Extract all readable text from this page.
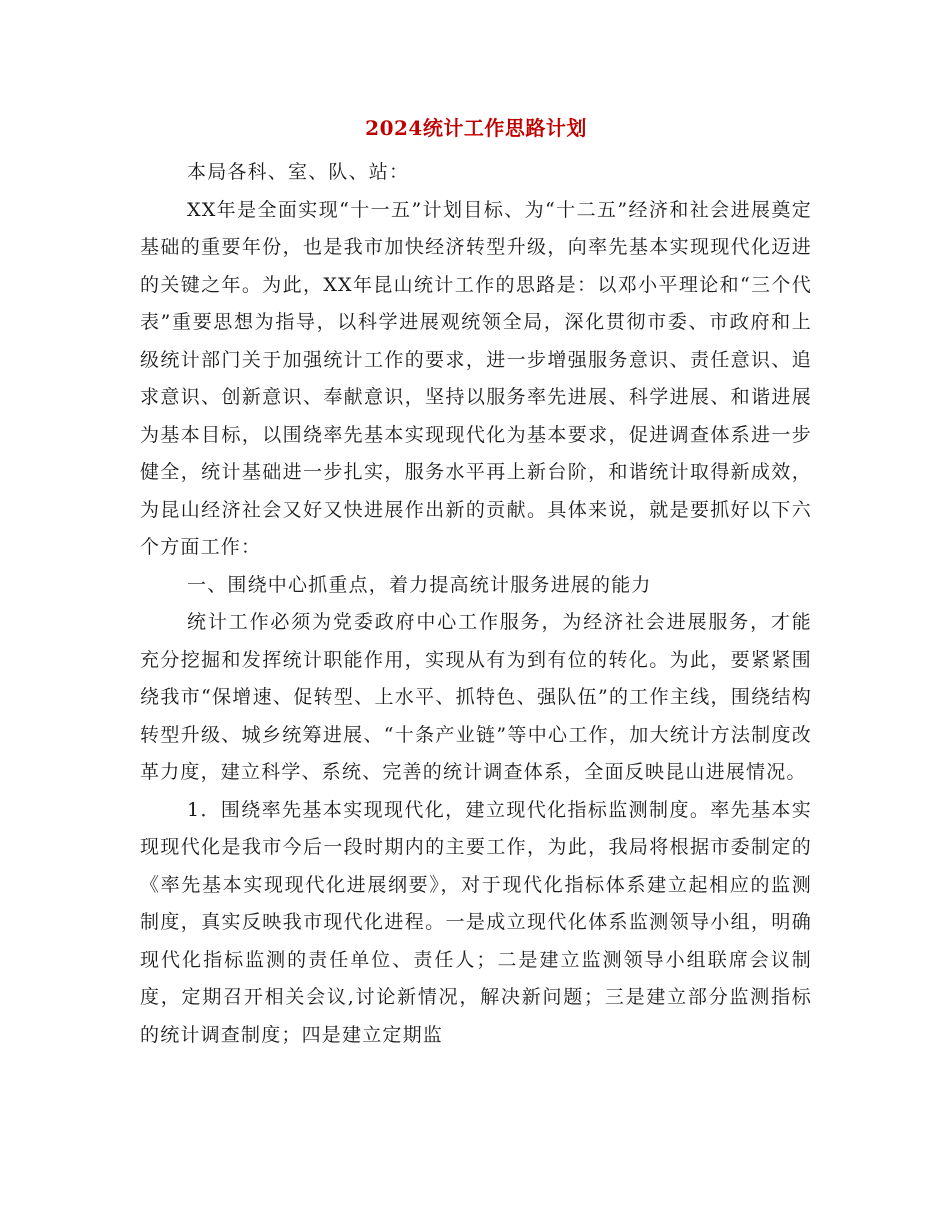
2024统计工作思路计划

本局各科、室、队、站：

XX年是全面实现“十一五”计划目标、为“十二五”经济和社会进展奠定基础的重要年份，也是我市加快经济转型升级，向率先基本实现现代化迈进的关键之年。为此，XX年昆山统计工作的思路是：以邓小平理论和“三个代表”重要思想为指导，以科学进展观统领全局，深化贯彻市委、市政府和上级统计部门关于加强统计工作的要求，进一步增强服务意识、责任意识、追求意识、创新意识、奉献意识，坚持以服务率先进展、科学进展、和谐进展为基本目标，以围绕率先基本实现现代化为基本要求，促进调查体系进一步健全，统计基础进一步扎实，服务水平再上新台阶，和谐统计取得新成效，为昆山经济社会又好又快进展作出新的贡献。具体来说，就是要抓好以下六个方面工作：

一、围绕中心抓重点，着力提高统计服务进展的能力

统计工作必须为党委政府中心工作服务，为经济社会进展服务，才能充分挖掘和发挥统计职能作用，实现从有为到有位的转化。为此，要紧紧围绕我市“保增速、促转型、上水平、抓特色、强队伍”的工作主线，围绕结构转型升级、城乡统筹进展、“十条产业链”等中心工作，加大统计方法制度改革力度，建立科学、系统、完善的统计调查体系，全面反映昆山进展情况。

1．围绕率先基本实现现代化，建立现代化指标监测制度。率先基本实现现代化是我市今后一段时期内的主要工作，为此，我局将根据市委制定的《率先基本实现现代化进展纲要》，对于现代化指标体系建立起相应的监测制度，真实反映我市现代化进程。一是成立现代化体系监测领导小组，明确现代化指标监测的责任单位、责任人；二是建立监测领导小组联席会议制度，定期召开相关会议,讨论新情况，解决新问题；三是建立部分监测指标的统计调查制度；四是建立定期监
